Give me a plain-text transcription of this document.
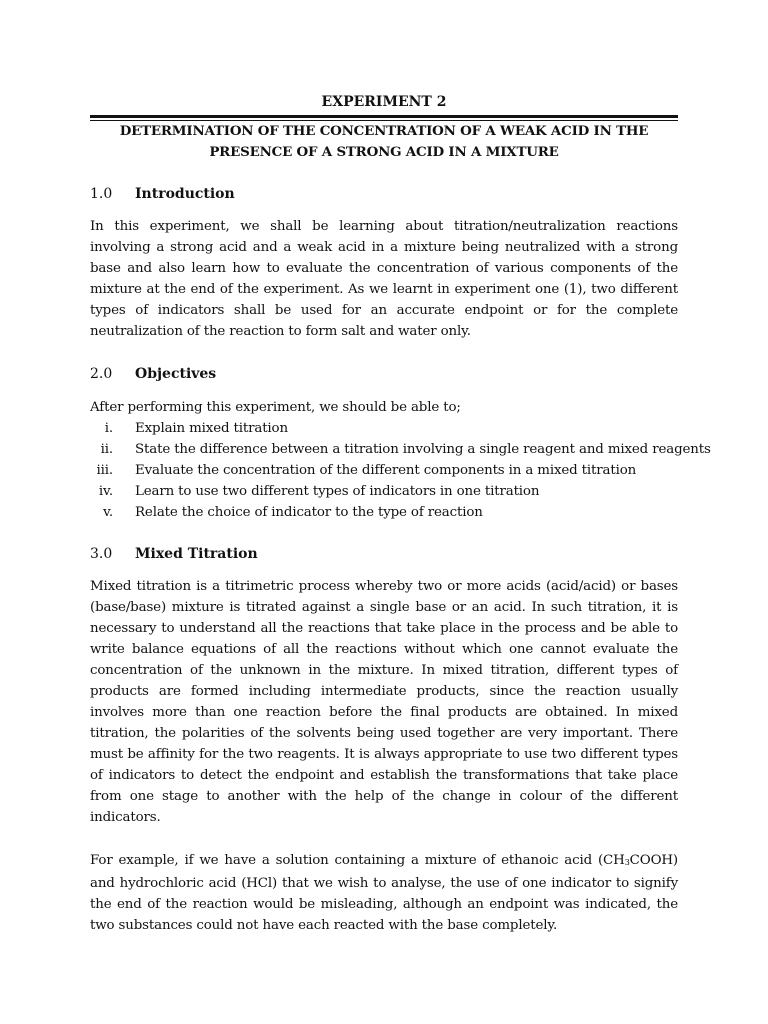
EXPERIMENT 2
DETERMINATION OF THE CONCENTRATION OF A WEAK ACID IN THE PRESENCE OF A STRONG ACID IN A MIXTURE
1.0 Introduction
In this experiment, we shall be learning about titration/neutralization reactions involving a strong acid and a weak acid in a mixture being neutralized with a strong base and also learn how to evaluate the concentration of various components of the mixture at the end of the experiment. As we learnt in experiment one (1), two different types of indicators shall be used for an accurate endpoint or for the complete neutralization of the reaction to form salt and water only.
2.0 Objectives
After performing this experiment, we should be able to;
i. Explain mixed titration
ii. State the difference between a titration involving a single reagent and mixed reagents
iii. Evaluate the concentration of the different components in a mixed titration
iv. Learn to use two different types of indicators in one titration
v. Relate the choice of indicator to the type of reaction
3.0 Mixed Titration
Mixed titration is a titrimetric process whereby two or more acids (acid/acid) or bases (base/base) mixture is titrated against a single base or an acid. In such titration, it is necessary to understand all the reactions that take place in the process and be able to write balance equations of all the reactions without which one cannot evaluate the concentration of the unknown in the mixture. In mixed titration, different types of products are formed including intermediate products, since the reaction usually involves more than one reaction before the final products are obtained. In mixed titration, the polarities of the solvents being used together are very important. There must be affinity for the two reagents. It is always appropriate to use two different types of indicators to detect the endpoint and establish the transformations that take place from one stage to another with the help of the change in colour of the different indicators.
For example, if we have a solution containing a mixture of ethanoic acid $(CH_3COOH)$ and hydrochloric acid (HCl) that we wish to analyse, the use of one indicator to signify the end of the reaction would be misleading, although an endpoint was indicated, the two substances could not have each reacted with the base completely.
